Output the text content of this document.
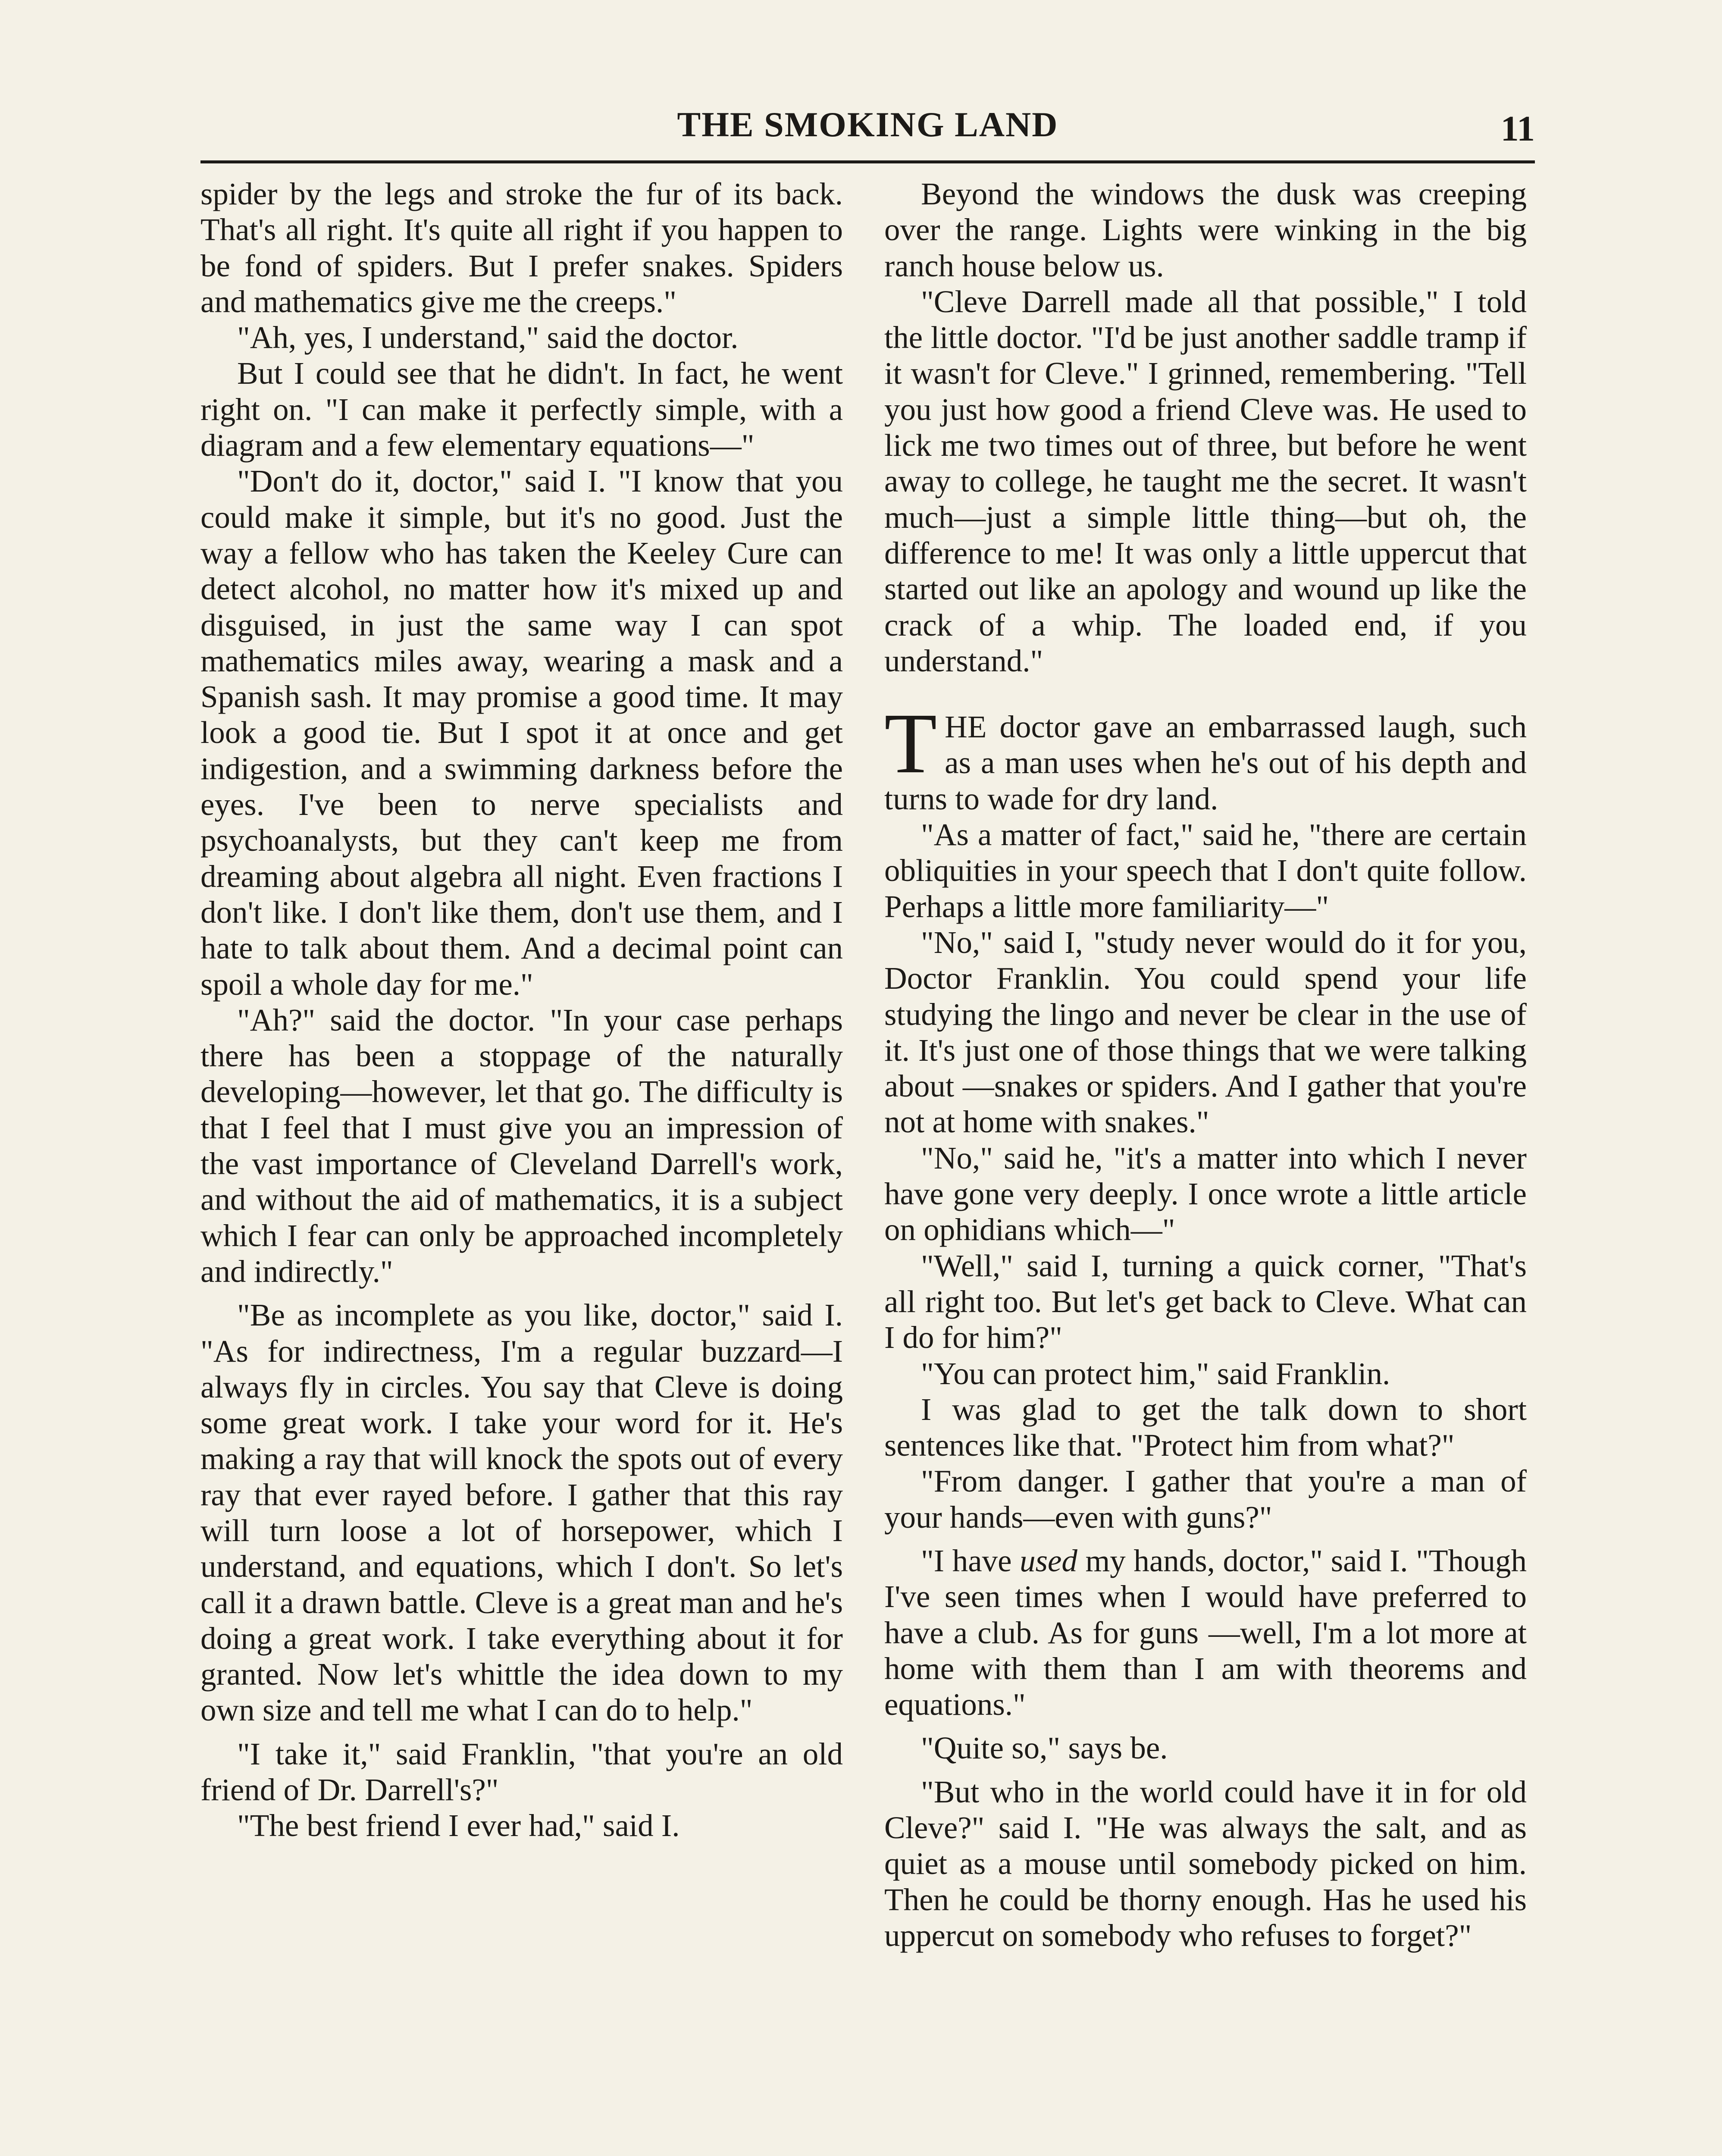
THE SMOKING LAND	11

spider by the legs and stroke the fur of its back. That's all right. It's quite all right if you happen to be fond of spiders. But I prefer snakes. Spiders and mathematics give me the creeps."

"Ah, yes, I understand," said the doctor.

But I could see that he didn't. In fact, he went right on. "I can make it perfectly simple, with a diagram and a few elementary equations—"

"Don't do it, doctor," said I. "I know that you could make it simple, but it's no good. Just the way a fellow who has taken the Keeley Cure can detect alcohol, no matter how it's mixed up and disguised, in just the same way I can spot mathematics miles away, wearing a mask and a Spanish sash. It may promise a good time. It may look a good tie. But I spot it at once and get indigestion, and a swimming darkness before the eyes. I've been to nerve specialists and psychoanalysts, but they can't keep me from dreaming about algebra all night. Even fractions I don't like. I don't like them, don't use them, and I hate to talk about them. And a decimal point can spoil a whole day for me."

"Ah?" said the doctor. "In your case perhaps there has been a stoppage of the naturally developing—however, let that go. The difficulty is that I feel that I must give you an impression of the vast importance of Cleveland Darrell's work, and without the aid of mathematics, it is a subject which I fear can only be approached incompletely and indirectly."

"Be as incomplete as you like, doctor," said I. "As for indirectness, I'm a regular buzzard—I always fly in circles. You say that Cleve is doing some great work. I take your word for it. He's making a ray that will knock the spots out of every ray that ever rayed before. I gather that this ray will turn loose a lot of horsepower, which I understand, and equations, which I don't. So let's call it a drawn battle. Cleve is a great man and he's doing a great work. I take everything about it for granted. Now let's whittle the idea down to my own size and tell me what I can do to help."

"I take it," said Franklin, "that you're an old friend of Dr. Darrell's?"

"The best friend I ever had," said I.

Beyond the windows the dusk was creeping over the range. Lights were winking in the big ranch house below us.

"Cleve Darrell made all that possible," I told the little doctor. "I'd be just another saddle tramp if it wasn't for Cleve." I grinned, remembering. "Tell you just how good a friend Cleve was. He used to lick me two times out of three, but before he went away to college, he taught me the secret. It wasn't much—just a simple little thing—but oh, the difference to me! It was only a little uppercut that started out like an apology and wound up like the crack of a whip. The loaded end, if you understand."

THE doctor gave an embarrassed laugh, such as a man uses when he's out of his depth and turns to wade for dry land.

"As a matter of fact," said he, "there are certain obliquities in your speech that I don't quite follow. Perhaps a little more familiarity—"

"No," said I, "study never would do it for you, Doctor Franklin. You could spend your life studying the lingo and never be clear in the use of it. It's just one of those things that we were talking about —snakes or spiders. And I gather that you're not at home with snakes."

"No," said he, "it's a matter into which I never have gone very deeply. I once wrote a little article on ophidians which—"

"Well," said I, turning a quick corner, "That's all right too. But let's get back to Cleve. What can I do for him?"

"You can protect him," said Franklin.

I was glad to get the talk down to short sentences like that. "Protect him from what?"

"From danger. I gather that you're a man of your hands—even with guns?"

"I have used my hands, doctor," said I. "Though I've seen times when I would have preferred to have a club. As for guns —well, I'm a lot more at home with them than I am with theorems and equations."

"Quite so," says be.

"But who in the world could have it in for old Cleve?" said I. "He was always the salt, and as quiet as a mouse until somebody picked on him. Then he could be thorny enough. Has he used his uppercut on somebody who refuses to forget?"
